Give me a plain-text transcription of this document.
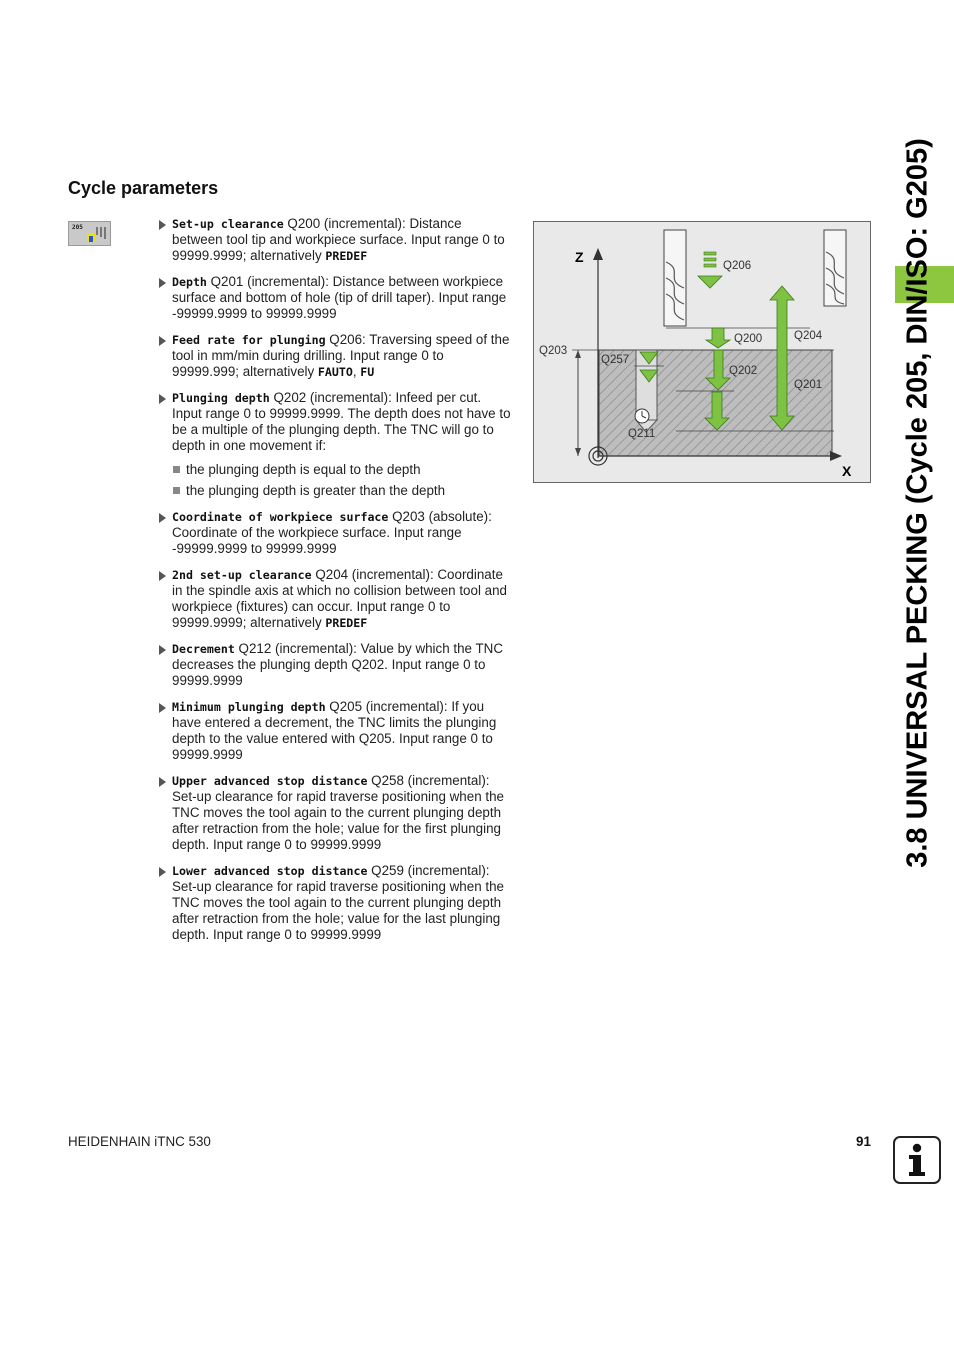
Cycle parameters
205	Set-up clearance Q200 (incremental): Distance between tool tip and workpiece surface. Input range 0 to 99999.9999; alternatively PREDEF
Depth Q201 (incremental): Distance between workpiece surface and bottom of hole (tip of drill taper). Input range -99999.9999 to 99999.9999
Feed rate for plunging Q206: Traversing speed of the tool in mm/min during drilling. Input range 0 to 99999.999; alternatively FAUTO, FU
Plunging depth Q202 (incremental): Infeed per cut. Input range 0 to 99999.9999. The depth does not have to be a multiple of the plunging depth. The TNC will go to depth in one movement if:
the plunging depth is equal to the depth
the plunging depth is greater than the depth
Coordinate of workpiece surface Q203 (absolute): Coordinate of the workpiece surface. Input range -99999.9999 to 99999.9999
2nd set-up clearance Q204 (incremental): Coordinate in the spindle axis at which no collision between tool and workpiece (fixtures) can occur. Input range 0 to 99999.9999; alternatively PREDEF
Decrement Q212 (incremental): Value by which the TNC decreases the plunging depth Q202. Input range 0 to 99999.9999
Minimum plunging depth Q205 (incremental): If you have entered a decrement, the TNC limits the plunging depth to the value entered with Q205. Input range 0 to 99999.9999
Upper advanced stop distance Q258 (incremental): Set-up clearance for rapid traverse positioning when the TNC moves the tool again to the current plunging depth after retraction from the hole; value for the first plunging depth. Input range 0 to 99999.9999
Lower advanced stop distance Q259 (incremental): Set-up clearance for rapid traverse positioning when the TNC moves the tool again to the current plunging depth after retraction from the hole; value for the last plunging depth. Input range 0 to 99999.9999
Z
X
Q206
Q200	Q204
Q203
Q257
Q202
Q201
Q211	3.8 UNIVERSAL PECKING (Cycle 205, DIN/ISO: G205)
HEIDENHAIN iTNC 530	91
